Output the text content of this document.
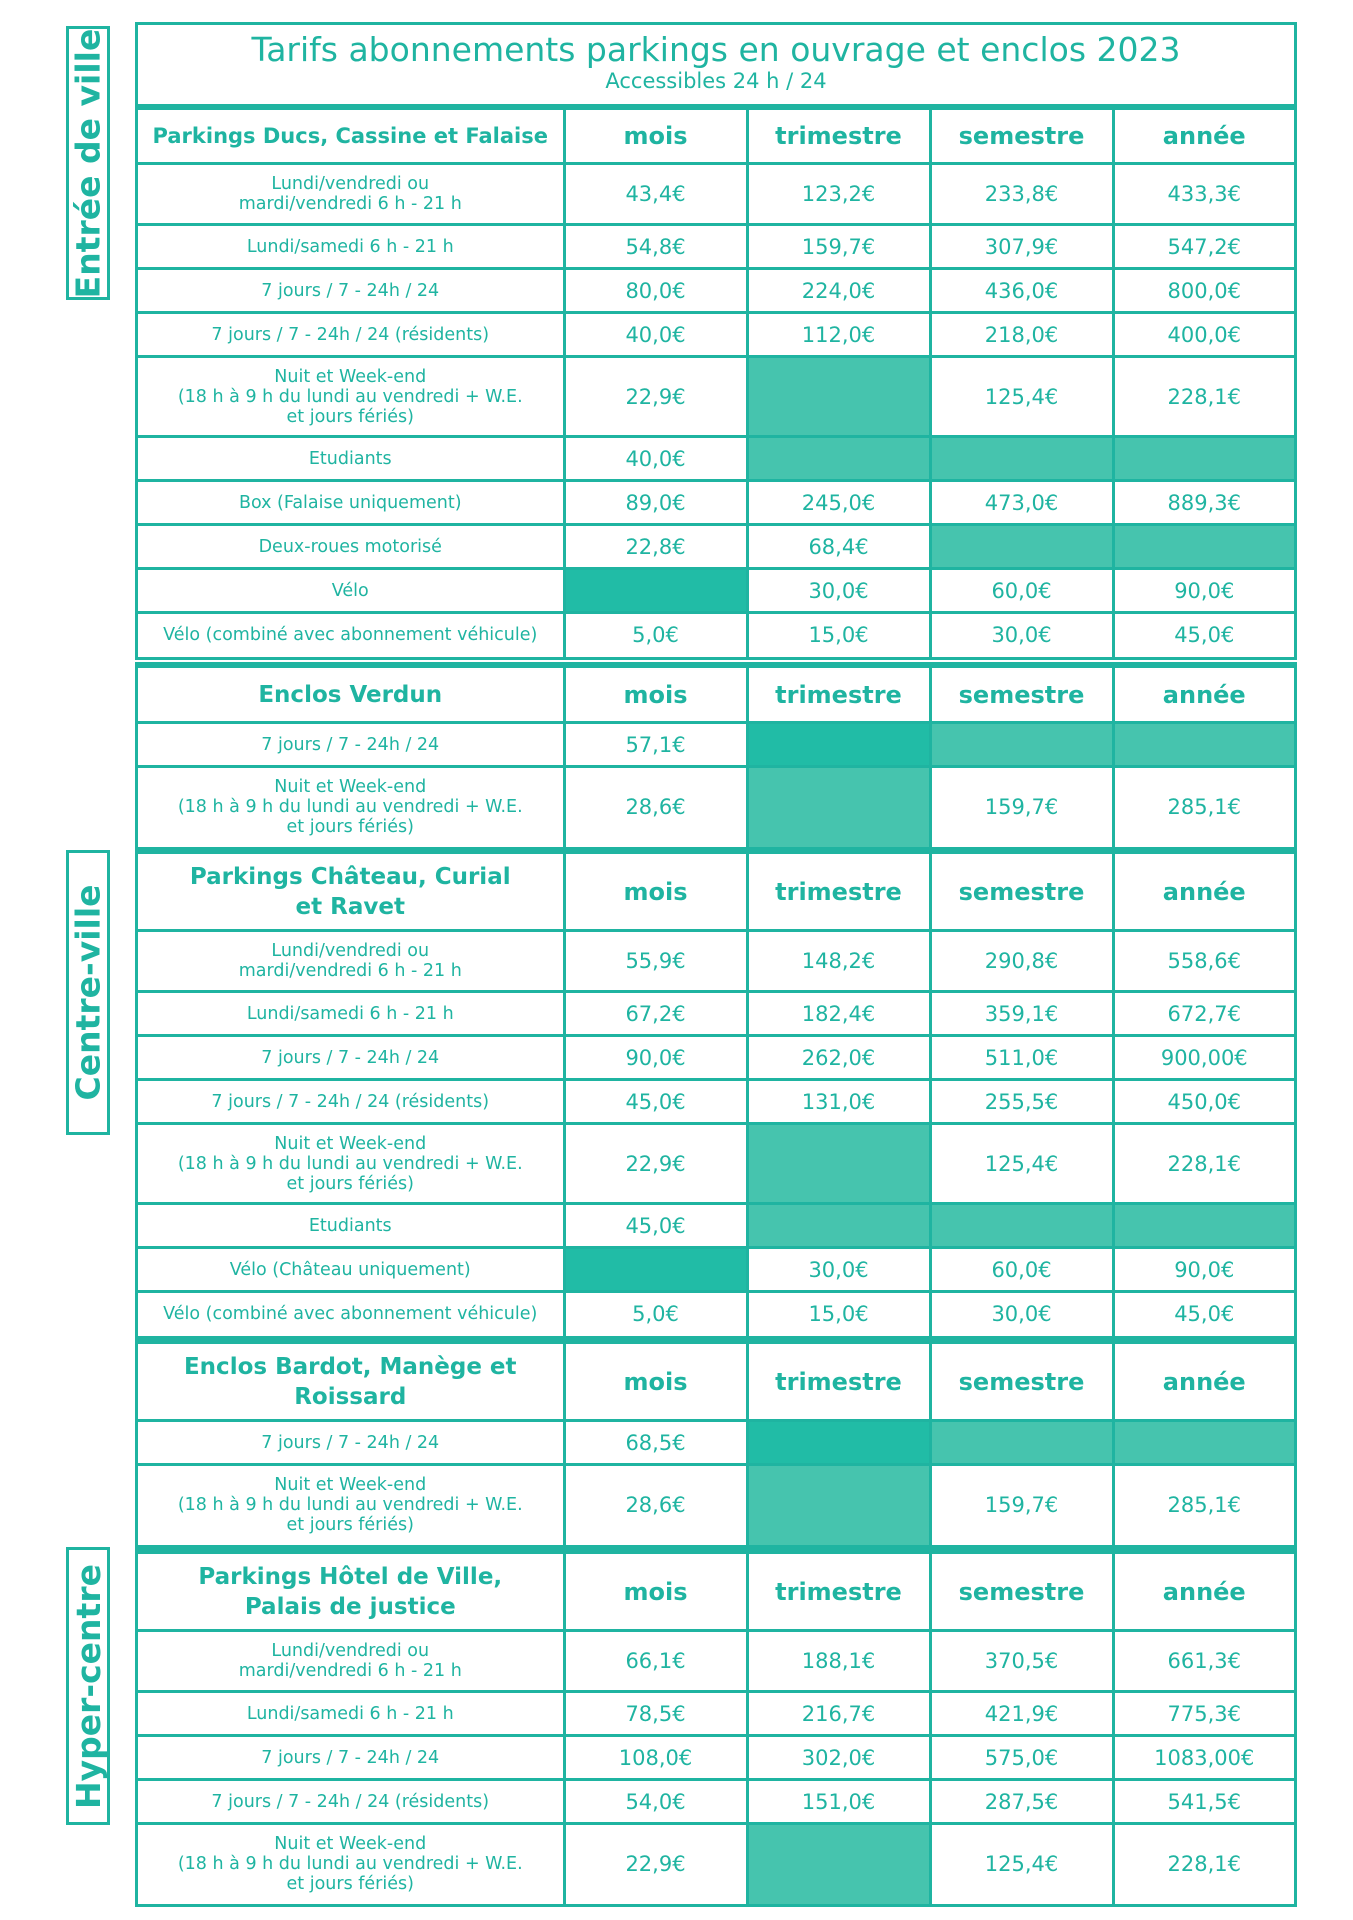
Entrée de ville
Centre-ville
Hyper-centre
Tarifs abonnements parkings en ouvrage et enclos 2023
Accessibles 24 h / 24
Parkings Ducs, Cassine et Falaise	mois	trimestre	semestre	année

Lundi/vendredi ou
mardi/vendredi 6 h - 21 h	43,4€	123,2€	233,8€	433,3€

Lundi/samedi 6 h - 21 h	54,8€	159,7€	307,9€	547,2€

7 jours / 7 - 24h / 24	80,0€	224,0€	436,0€	800,0€

7 jours / 7 - 24h / 24 (résidents)	40,0€	112,0€	218,0€	400,0€

Nuit et Week-end
(18 h à 9 h du lundi au vendredi + W.E.
et jours fériés)	22,9€		125,4€	228,1€

Etudiants	40,0€			

Box (Falaise uniquement)	89,0€	245,0€	473,0€	889,3€

Deux-roues motorisé	22,8€	68,4€		

Vélo		30,0€	60,0€	90,0€

Vélo (combiné avec abonnement véhicule)	5,0€	15,0€	30,0€	45,0€
Enclos Verdun	mois	trimestre	semestre	année

7 jours / 7 - 24h / 24	57,1€			

Nuit et Week-end
(18 h à 9 h du lundi au vendredi + W.E.
et jours fériés)	28,6€		159,7€	285,1€
Parkings Château, Curial et Ravet	mois	trimestre	semestre	année

Lundi/vendredi ou
mardi/vendredi 6 h - 21 h	55,9€	148,2€	290,8€	558,6€

Lundi/samedi 6 h - 21 h	67,2€	182,4€	359,1€	672,7€

7 jours / 7 - 24h / 24	90,0€	262,0€	511,0€	900,00€

7 jours / 7 - 24h / 24 (résidents)	45,0€	131,0€	255,5€	450,0€

Nuit et Week-end
(18 h à 9 h du lundi au vendredi + W.E.
et jours fériés)	22,9€		125,4€	228,1€

Etudiants	45,0€			

Vélo (Château uniquement)		30,0€	60,0€	90,0€

Vélo (combiné avec abonnement véhicule)	5,0€	15,0€	30,0€	45,0€
Enclos Bardot, Manège et Roissard	mois	trimestre	semestre	année

7 jours / 7 - 24h / 24	68,5€			

Nuit et Week-end
(18 h à 9 h du lundi au vendredi + W.E.
et jours fériés)	28,6€		159,7€	285,1€
Parkings Hôtel de Ville, Palais de justice	mois	trimestre	semestre	année

Lundi/vendredi ou
mardi/vendredi 6 h - 21 h	66,1€	188,1€	370,5€	661,3€

Lundi/samedi 6 h - 21 h	78,5€	216,7€	421,9€	775,3€

7 jours / 7 - 24h / 24	108,0€	302,0€	575,0€	1083,00€

7 jours / 7 - 24h / 24 (résidents)	54,0€	151,0€	287,5€	541,5€

Nuit et Week-end
(18 h à 9 h du lundi au vendredi + W.E.
et jours fériés)	22,9€		125,4€	228,1€
